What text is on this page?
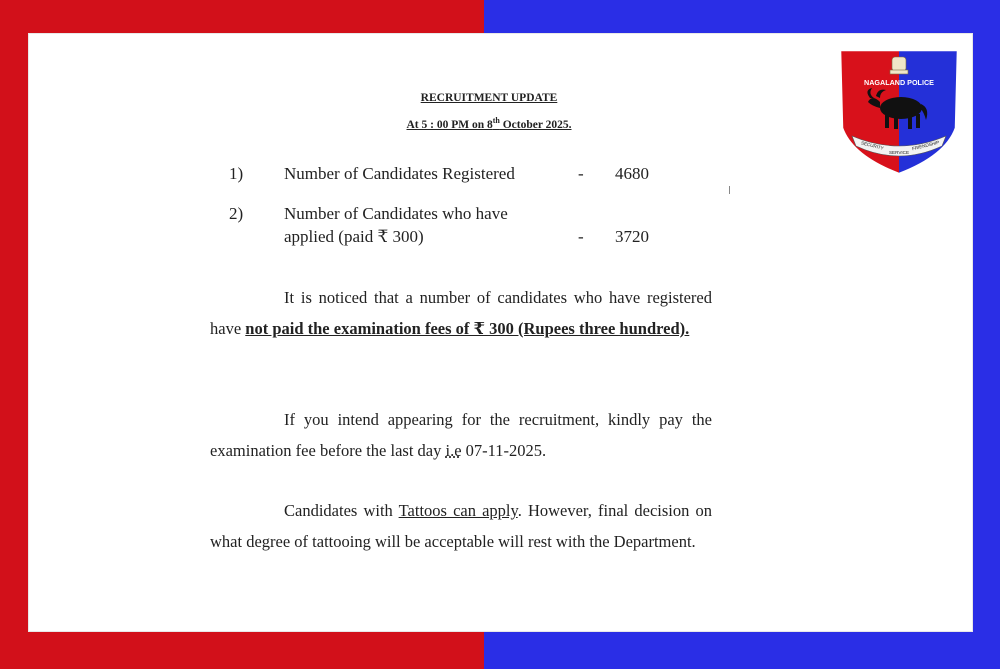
RECRUITMENT UPDATE
At 5 : 00 PM on 8th October 2025.
1) Number of Candidates Registered	- 4680
2) Number of Candidates who have
applied (paid ₹ 300)	- 3720
It is noticed that a number of candidates who have registered have not paid the examination fees of ₹ 300 (Rupees three hundred).
If you intend appearing for the recruitment, kindly pay the examination fee before the last day i.e 07-11-2025.
Candidates with Tattoos can apply. However, final decision on what degree of tattooing will be acceptable will rest with the Department.
NAGALAND POLICE
SECURITY
SERVICE
FRIENDSHIP
